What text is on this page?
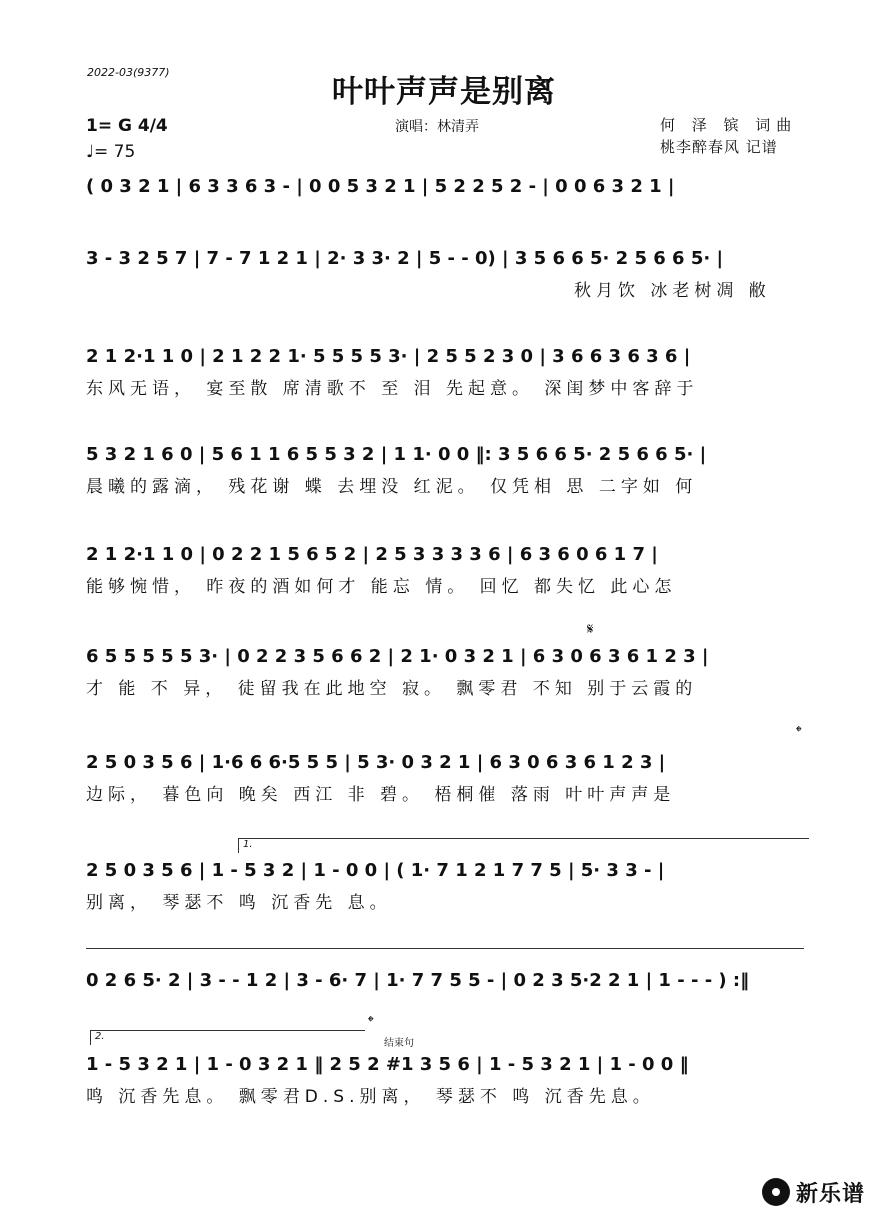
2022-03(9377)
叶叶声声是别离
1= G 4/4
♩= 75
演唱：林清弄	何 泽 镔 词曲
桃李醉春风 记谱
( 0 3 2 1 | 6 3 3 6 3 - | 0 0 5 3 2 1 | 5 2 2 5 2 - | 0 0 6 3 2 1 |
3 - 3 2 5 7 | 7 - 7 1 2 1 | 2· 3 3· 2 | 5 - - 0) | 3 5 6 6 5· 2 5 6 6 5· |
秋月饮 冰老树凋 敝
2 1 2·1 1 0 | 2 1 2 2 1· 5 5 5 5 3· | 2 5 5 2 3 0 | 3 6 6 3 6 3 6 |
东风无语， 宴至散 席清歌不 至 泪 先起意。 深闺梦中客辞于
5 3 2 1 6 0 | 5 6 1 1 6 5 5 3 2 | 1 1· 0 0 ‖: 3 5 6 6 5· 2 5 6 6 5· |
晨曦的露滴， 残花谢 蝶 去埋没 红泥。 仅凭相 思 二字如 何
2 1 2·1 1 0 | 0 2 2 1 5 6 5 2 | 2 5 3 3 3 3 6 | 6 3 6 0 6 1 7 |
能够惋惜， 昨夜的酒如何才 能忘 情。 回忆 都失忆 此心怎
𝄋
6 5 5 5 5 5 3· | 0 2 2 3 5 6 6 2 | 2 1· 0 3 2 1 | 6 3 0 6 3 6 1 2 3 |
才 能 不 异， 徒留我在此地空 寂。 飘零君 不知 别于云霞的
𝄌
2 5 0 3 5 6 | 1·6 6 6·5 5 5 | 5 3· 0 3 2 1 | 6 3 0 6 3 6 1 2 3 |
边际， 暮色向 晚矣 西江 非 碧。 梧桐催 落雨 叶叶声声是
1.
2 5 0 3 5 6 | 1 - 5 3 2 | 1 - 0 0 | ( 1· 7 1 2 1 7 7 5 | 5· 3 3 - |
别离， 琴瑟不 鸣 沉香先 息。
0 2 6 5· 2 | 3 - - 1 2 | 3 - 6· 7 | 1· 7 7 5 5 - | 0 2 3 5·2 2 1 | 1 - - - ) :‖
2.
𝄌
结束句
1 - 5 3 2 1 | 1 - 0 3 2 1 ‖ 2 5 2 #1 3 5 6 | 1 - 5 3 2 1 | 1 - 0 0 ‖
鸣 沉香先息。 飘零君D.S.别离， 琴瑟不 鸣 沉香先息。
新乐谱
